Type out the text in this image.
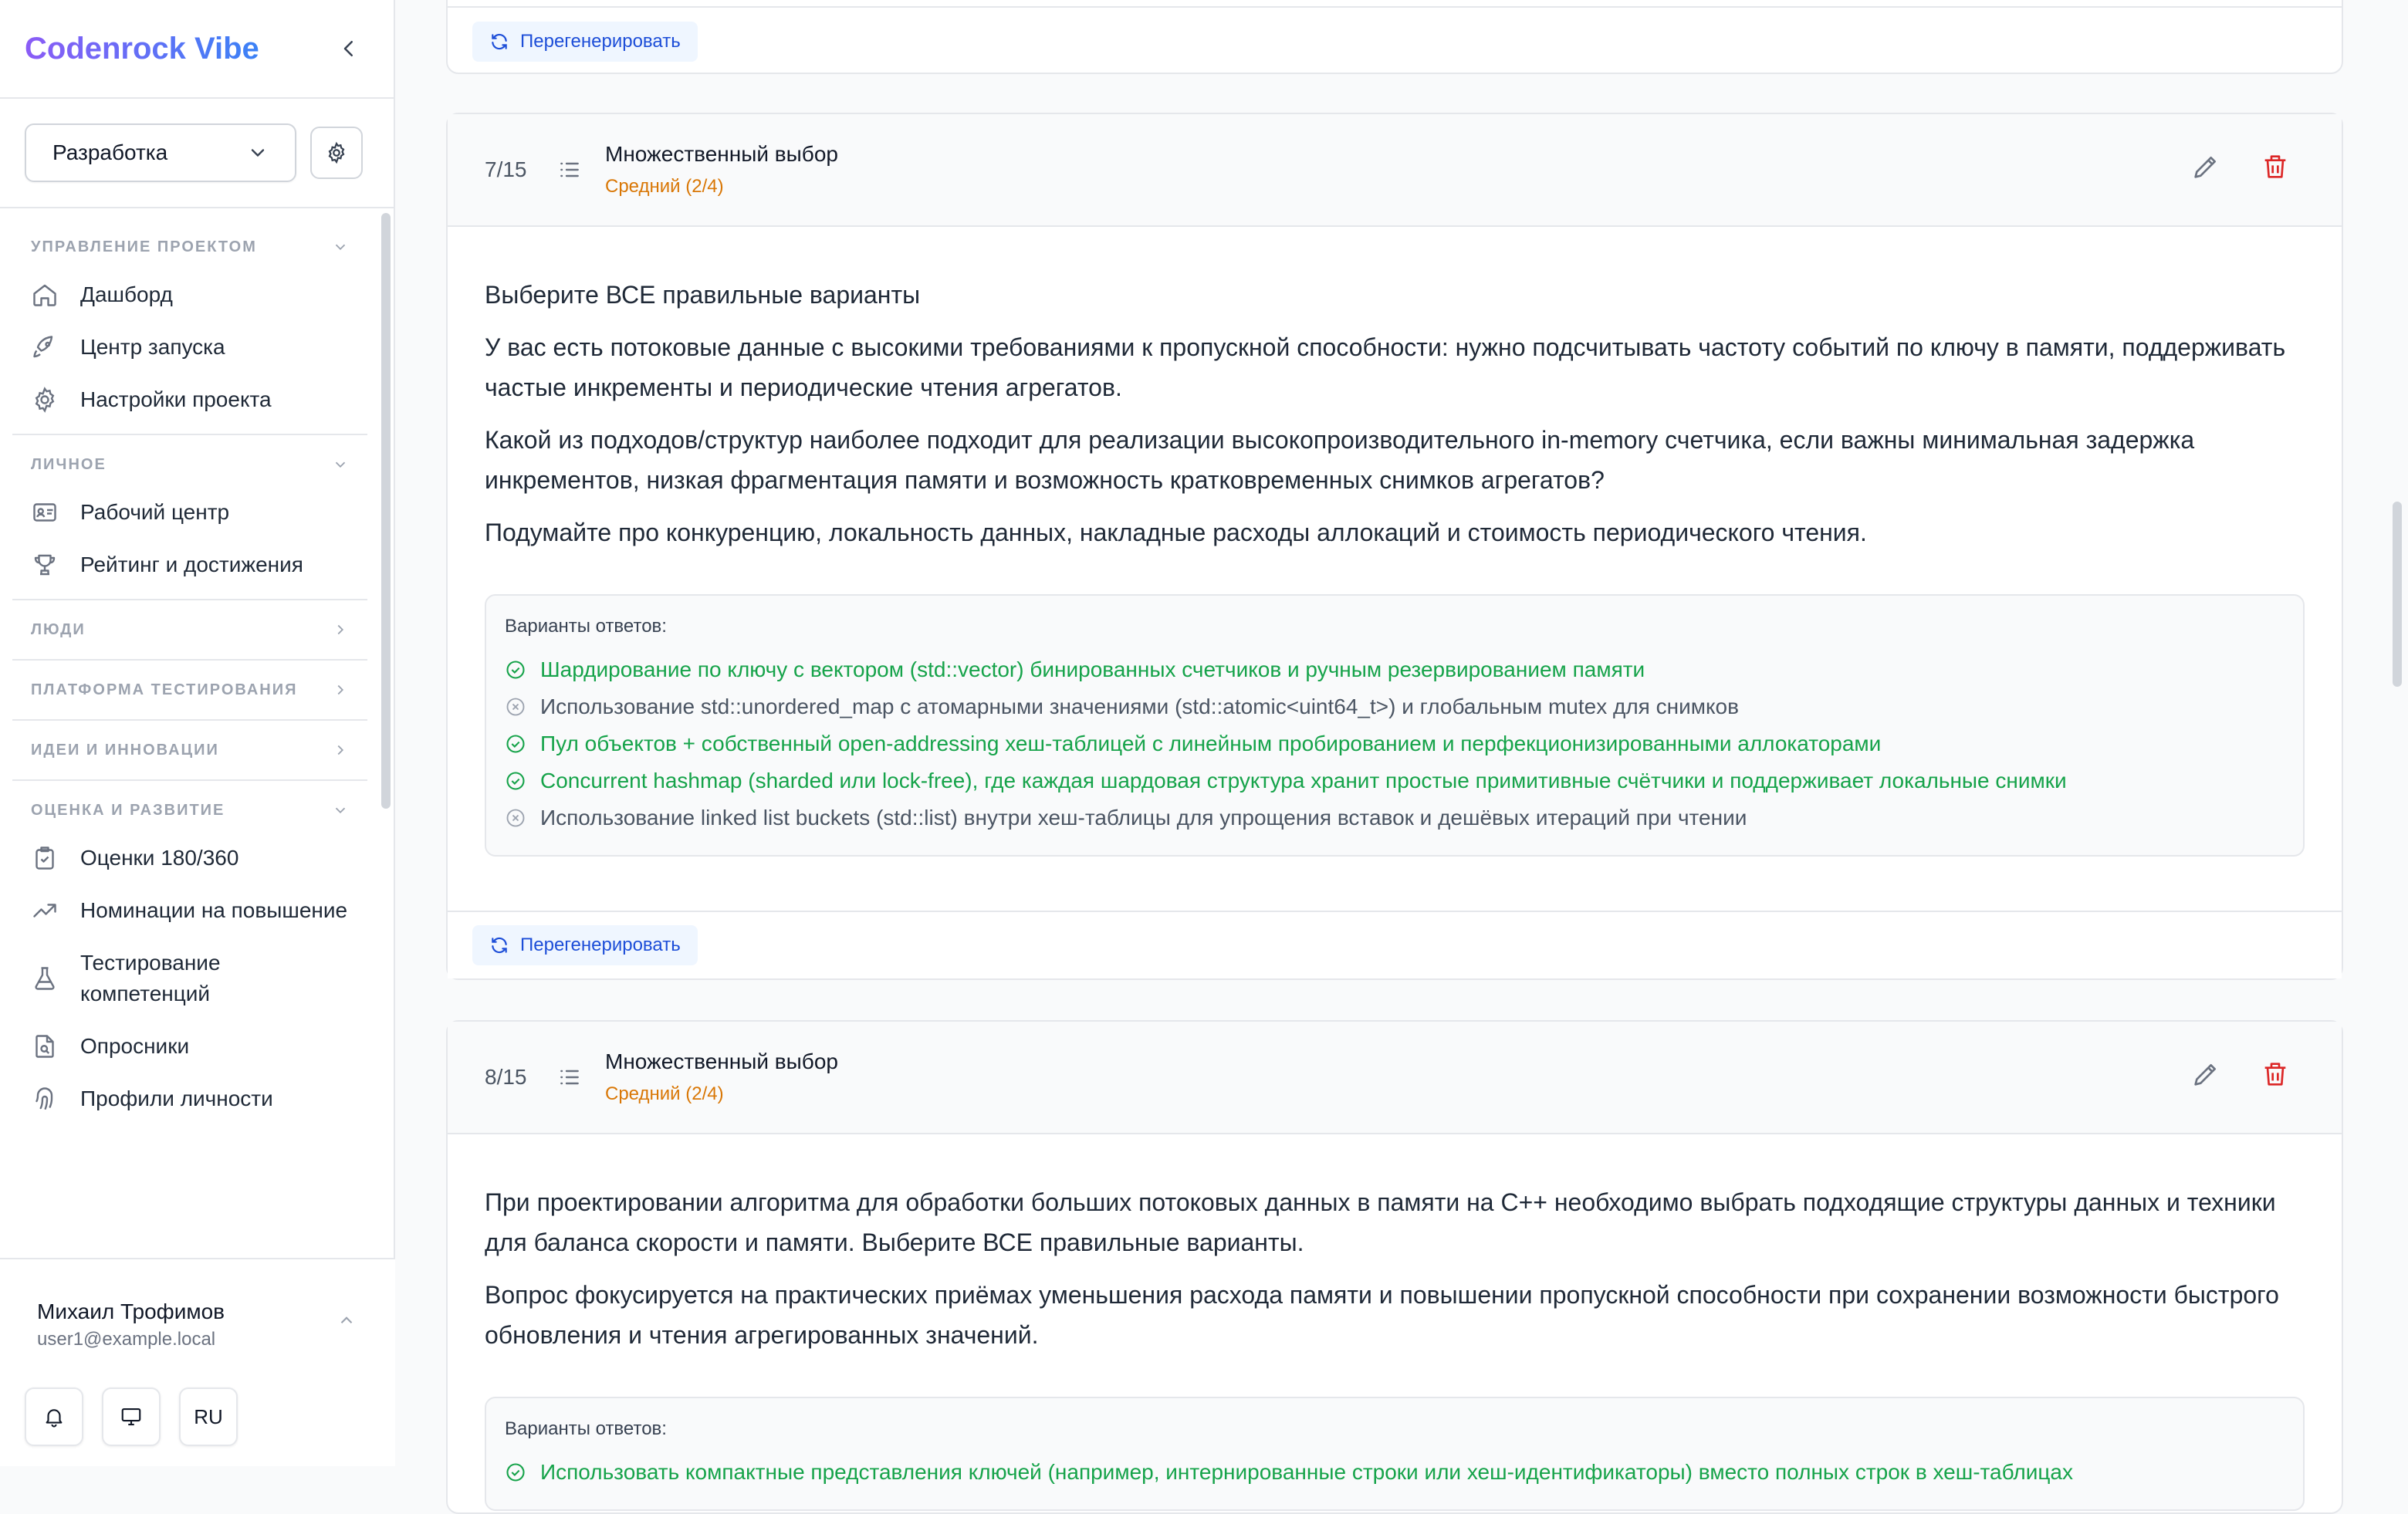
Codenrock Vibe
Разработка
УПРАВЛЕНИЕ ПРОЕКТОМ
Дашборд
Центр запуска
Настройки проекта
ЛИЧНОЕ
Рабочий центр
Рейтинг и достижения
ЛЮДИ
ПЛАТФОРМА ТЕСТИРОВАНИЯ
ИДЕИ И ИННОВАЦИИ
ОЦЕНКА И РАЗВИТИЕ
Оценки 180/360
Номинации на повышение
Тестирование компетенций
Опросники
Профили личности
Михаил Трофимов
user1@example.local
RU
Перегенерировать
7/15
Множественный выбор
Средний (2/4)

Выберите ВСЕ правильные варианты

У вас есть потоковые данные с высокими требованиями к пропускной способности: нужно подсчитывать частоту событий по ключу в памяти, поддерживать частые инкременты и периодические чтения агрегатов.

Какой из подходов/структур наиболее подходит для реализации высокопроизводительного in-memory счетчика, если важны минимальная задержка инкрементов, низкая фрагментация памяти и возможность кратковременных снимков агрегатов?

Подумайте про конкуренцию, локальность данных, накладные расходы аллокаций и стоимость периодического чтения.

Варианты ответов:
Шардирование по ключу с вектором (std::vector) бинированных счетчиков и ручным резервированием памяти
Использование std::unordered_map с атомарными значениями (std::atomic<uint64_t>) и глобальным mutex для снимков
Пул объектов + собственный open-addressing хеш-таблицей с линейным пробированием и перфекционизированными аллокаторами
Concurrent hashmap (sharded или lock-free), где каждая шардовая структура хранит простые примитивные счётчики и поддерживает локальные снимки
Использование linked list buckets (std::list) внутри хеш-таблицы для упрощения вставок и дешёвых итераций при чтении
Перегенерировать
8/15
Множественный выбор
Средний (2/4)

При проектировании алгоритма для обработки больших потоковых данных в памяти на C++ необходимо выбрать подходящие структуры данных и техники для баланса скорости и памяти. Выберите ВСЕ правильные варианты.

Вопрос фокусируется на практических приёмах уменьшения расхода памяти и повышении пропускной способности при сохранении возможности быстрого обновления и чтения агрегированных значений.

Варианты ответов:
Использовать компактные представления ключей (например, интернированные строки или хеш-идентификаторы) вместо полных строк в хеш-таблицах
